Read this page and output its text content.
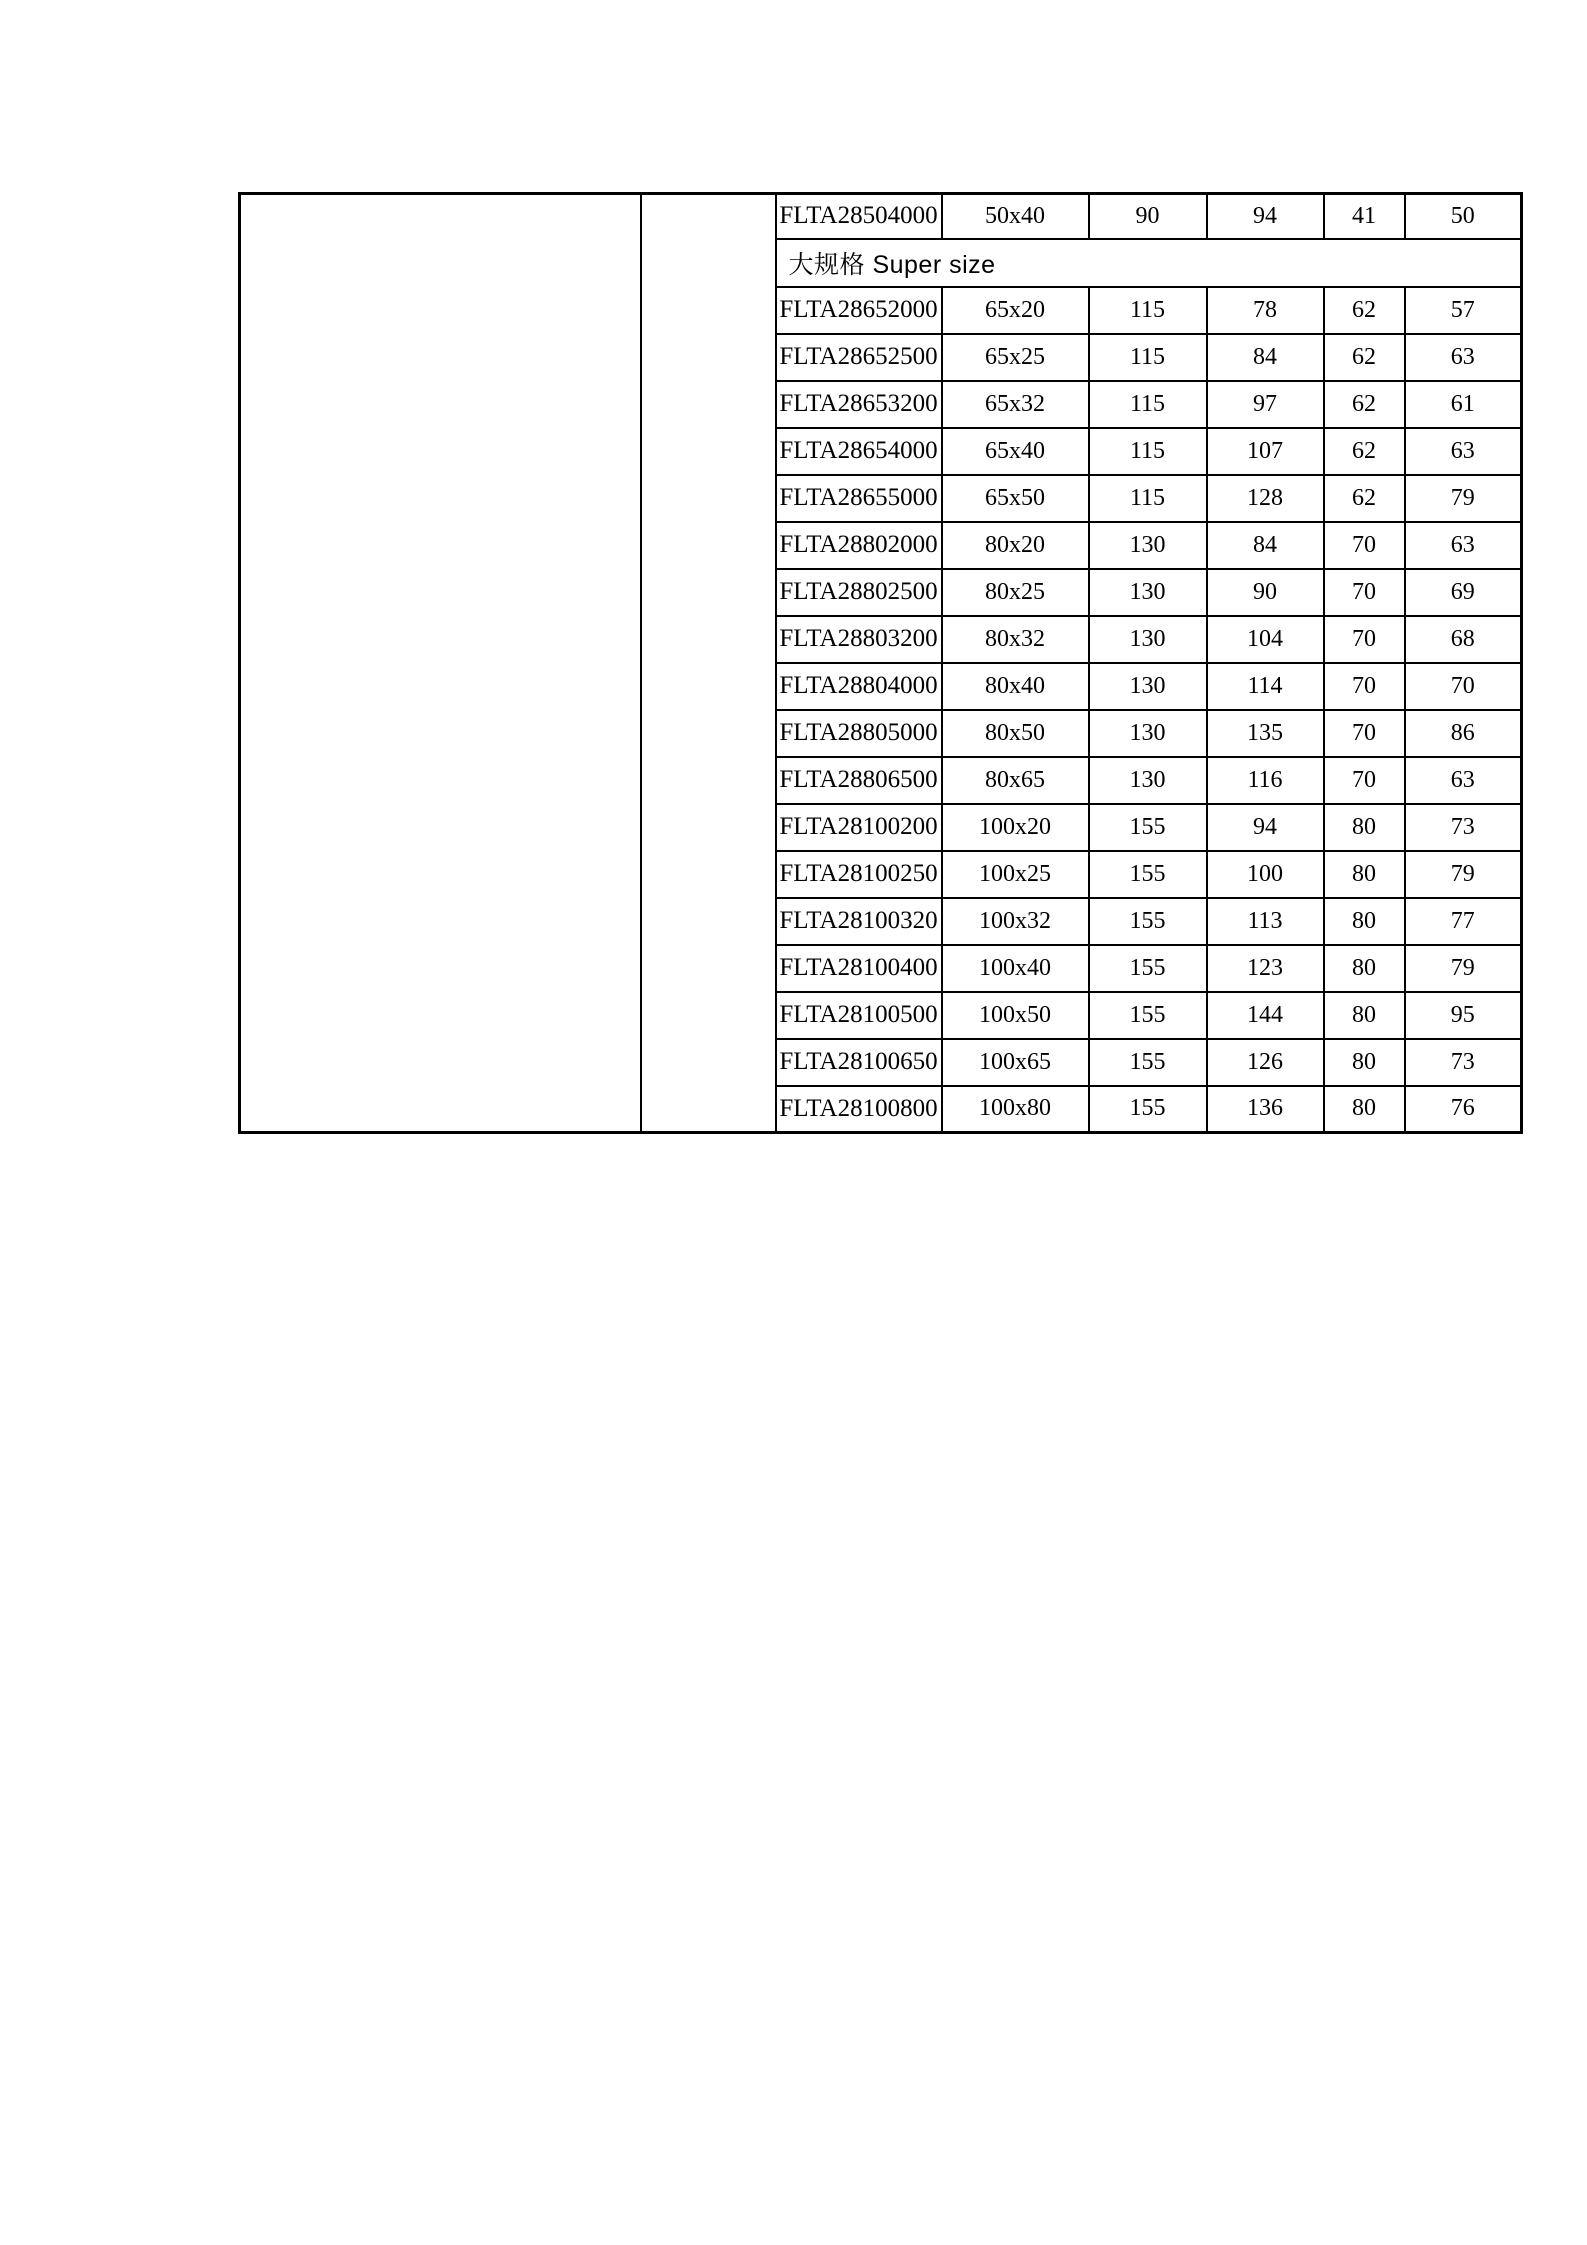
		FLTA28504000	50x40	90	94	41	50
		大规格 Super size					
		FLTA28652000	65x20	115	78	62	57
		FLTA28652500	65x25	115	84	62	63
		FLTA28653200	65x32	115	97	62	61
		FLTA28654000	65x40	115	107	62	63
		FLTA28655000	65x50	115	128	62	79
		FLTA28802000	80x20	130	84	70	63
		FLTA28802500	80x25	130	90	70	69
		FLTA28803200	80x32	130	104	70	68
		FLTA28804000	80x40	130	114	70	70
		FLTA28805000	80x50	130	135	70	86
		FLTA28806500	80x65	130	116	70	63
		FLTA28100200	100x20	155	94	80	73
		FLTA28100250	100x25	155	100	80	79
		FLTA28100320	100x32	155	113	80	77
		FLTA28100400	100x40	155	123	80	79
		FLTA28100500	100x50	155	144	80	95
		FLTA28100650	100x65	155	126	80	73
		FLTA28100800	100x80	155	136	80	76
